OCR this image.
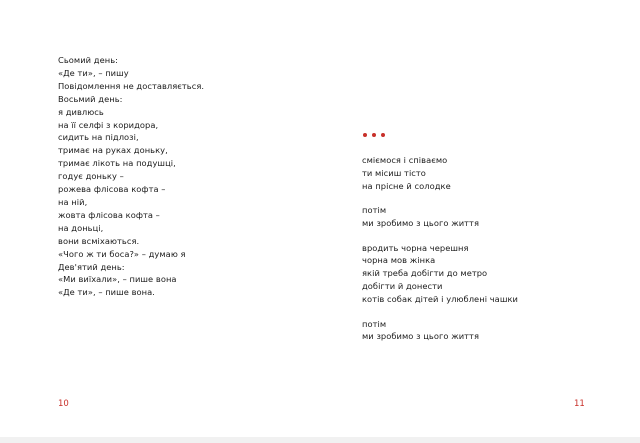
Сьомий день:
«Де ти», – пишу
Повідомлення не доставляється.
Восьмий день:
я дивлюсь
на її селфі з коридора,
сидить на підлозі,
тримає на руках доньку,
тримає лікоть на подушці,
годує доньку –
рожева флісова кофта –
на ній,
жовта флісова кофта –
на доньці,
вони всміхаються.
«Чого ж ти боса?» – думаю я
Дев'ятий день:
«Ми виїхали», – пише вона
«Де ти», – пише вона.
10
сміємося і співаємо
ти місиш тісто
на прісне й солодке
потім
ми зробимо з цього життя
вродить чорна черешня
чорна мов жінка
якій треба добігти до метро
добігти й донести
котів собак дітей і улюблені чашки
потім
ми зробимо з цього життя
11
